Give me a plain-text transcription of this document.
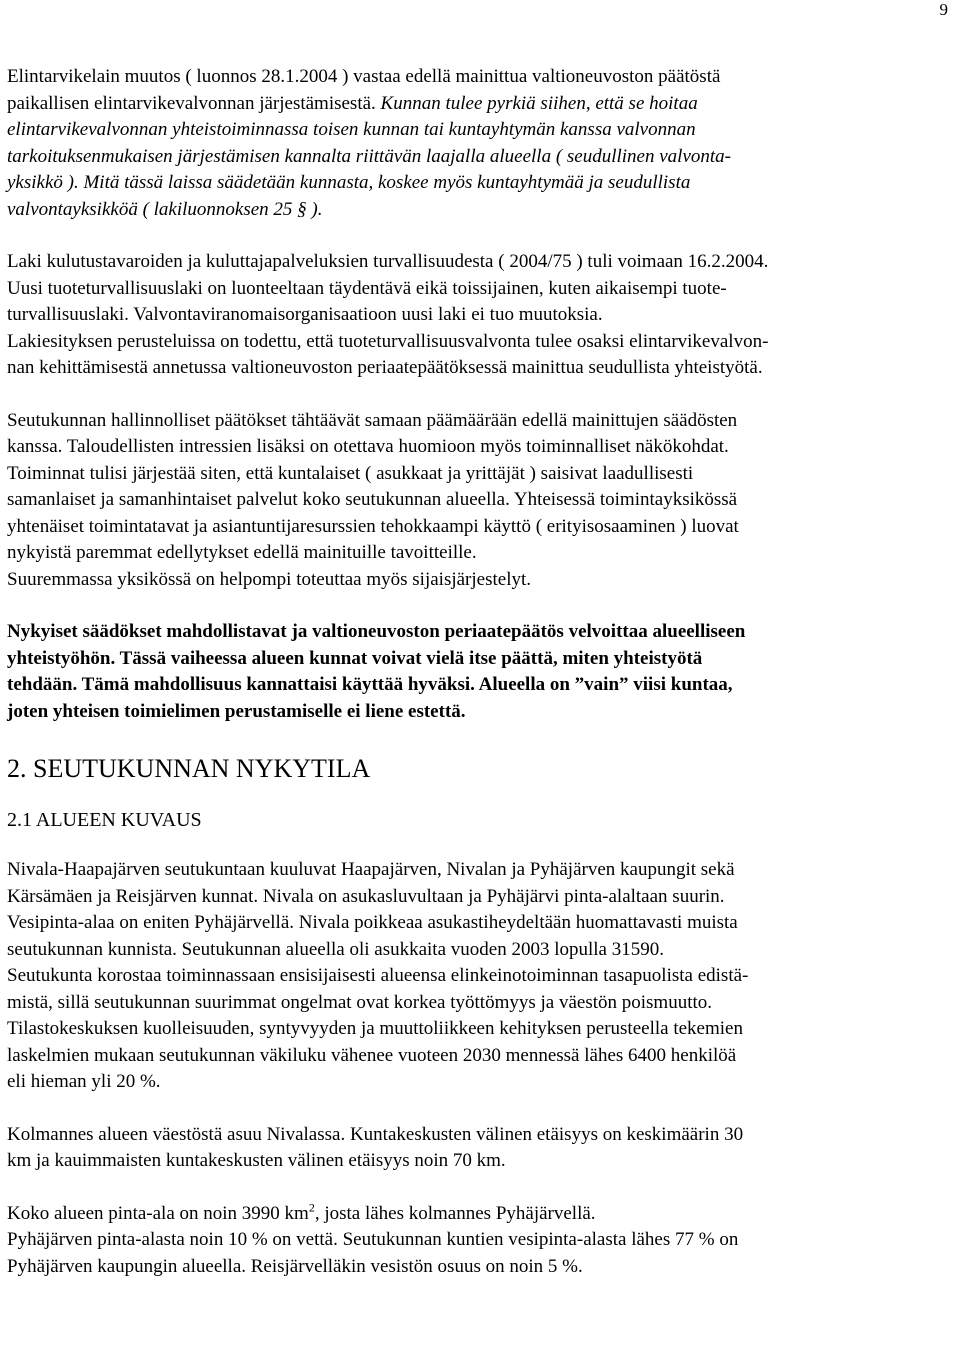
9
Elintarvikelain muutos ( luonnos 28.1.2004 ) vastaa edellä mainittua valtioneuvoston päätöstä
paikallisen elintarvikevalvonnan järjestämisestä. Kunnan tulee pyrkiä siihen, että se hoitaa
elintarvikevalvonnan yhteistoiminnassa toisen kunnan tai kuntayhtymän kanssa valvonnan
tarkoituksenmukaisen järjestämisen kannalta riittävän laajalla alueella ( seudullinen valvonta-
yksikkö ). Mitä tässä laissa säädetään kunnasta, koskee myös kuntayhtymää ja seudullista
valvontayksikköä ( lakiluonnoksen 25 § ).
Laki kulutustavaroiden ja kuluttajapalveluksien turvallisuudesta ( 2004/75 ) tuli voimaan 16.2.2004.
Uusi tuoteturvallisuuslaki on luonteeltaan täydentävä eikä toissijainen, kuten aikaisempi tuote-
turvallisuuslaki. Valvontaviranomaisorganisaatioon uusi laki ei tuo muutoksia.
Lakiesityksen perusteluissa on todettu, että tuoteturvallisuusvalvonta tulee osaksi elintarvikevalvon-
nan kehittämisestä annetussa valtioneuvoston periaatepäätöksessä mainittua seudullista yhteistyötä.
Seutukunnan hallinnolliset päätökset tähtäävät samaan päämäärään edellä mainittujen säädösten
kanssa. Taloudellisten intressien lisäksi on otettava huomioon myös toiminnalliset näkökohdat.
Toiminnat tulisi järjestää siten, että kuntalaiset ( asukkaat ja yrittäjät ) saisivat laadullisesti
samanlaiset ja samanhintaiset palvelut koko seutukunnan alueella. Yhteisessä toimintayksikössä
yhtenäiset toimintatavat ja asiantuntijaresurssien tehokkaampi käyttö ( erityisosaaminen ) luovat
nykyistä paremmat edellytykset edellä mainituille tavoitteille.
Suuremmassa yksikössä on helpompi toteuttaa myös sijaisjärjestelyt.
Nykyiset säädökset mahdollistavat ja valtioneuvoston periaatepäätös velvoittaa alueelliseen
yhteistyöhön. Tässä vaiheessa alueen kunnat voivat vielä itse päättä, miten yhteistyötä
tehdään. Tämä mahdollisuus kannattaisi käyttää hyväksi. Alueella on ”vain” viisi kuntaa,
joten yhteisen toimielimen perustamiselle ei liene estettä.
2. SEUTUKUNNAN NYKYTILA
2.1 ALUEEN KUVAUS
Nivala-Haapajärven seutukuntaan kuuluvat Haapajärven, Nivalan ja Pyhäjärven kaupungit sekä
Kärsämäen ja Reisjärven kunnat. Nivala on asukasluvultaan ja Pyhäjärvi pinta-alaltaan suurin.
Vesipinta-alaa on eniten Pyhäjärvellä. Nivala poikkeaa asukastiheydeltään huomattavasti muista
seutukunnan kunnista. Seutukunnan alueella oli asukkaita vuoden 2003 lopulla 31590.
Seutukunta korostaa toiminnassaan ensisijaisesti alueensa elinkeinotoiminnan tasapuolista edistä-
mistä, sillä seutukunnan suurimmat ongelmat ovat korkea työttömyys ja väestön poismuutto.
Tilastokeskuksen kuolleisuuden, syntyvyyden ja muuttoliikkeen kehityksen perusteella tekemien
laskelmien mukaan seutukunnan väkiluku vähenee vuoteen 2030 mennessä lähes 6400 henkilöä
eli hieman yli 20 %.
Kolmannes alueen väestöstä asuu Nivalassa. Kuntakeskusten välinen etäisyys on keskimäärin 30
km ja kauimmaisten kuntakeskusten välinen etäisyys noin 70 km.
Koko alueen pinta-ala on noin 3990 $km^2$, josta lähes kolmannes Pyhäjärvellä.
Pyhäjärven pinta-alasta noin 10 % on vettä. Seutukunnan kuntien vesipinta-alasta lähes 77 % on
Pyhäjärven kaupungin alueella. Reisjärvelläkin vesistön osuus on noin 5 %.
